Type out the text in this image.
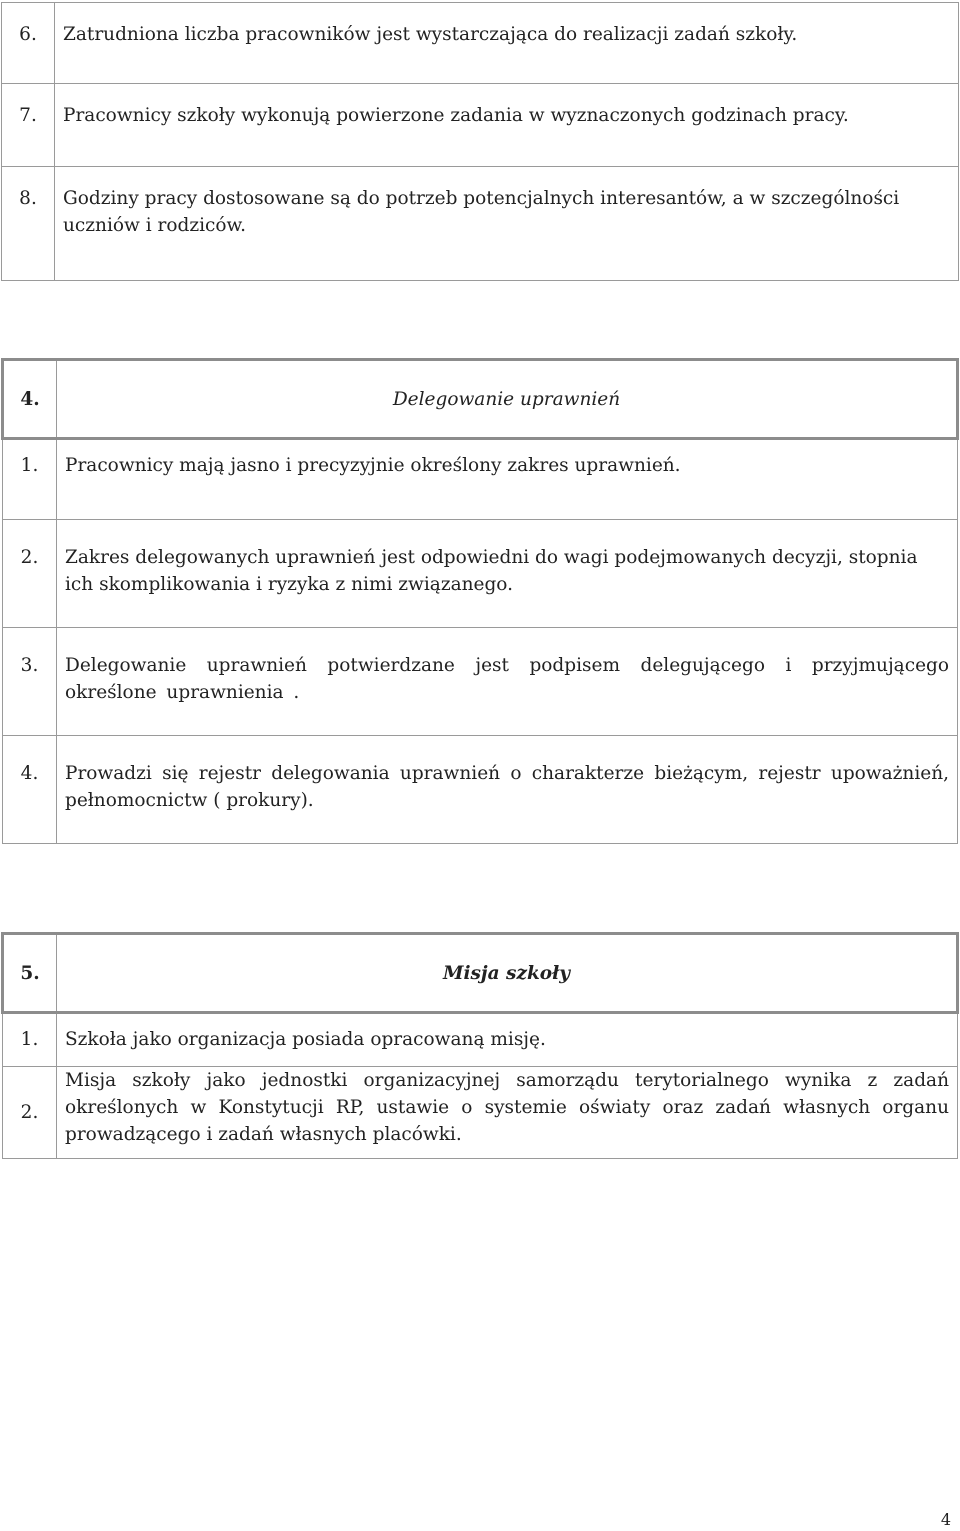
6.	Zatrudniona liczba pracowników jest wystarczająca do realizacji zadań szkoły.

7.	Pracownicy szkoły wykonują powierzone zadania w wyznaczonych godzinach pracy.

8.	Godziny pracy dostosowane są do potrzeb potencjalnych interesantów, a w szczególności uczniów i rodziców.
4.	Delegowanie uprawnień

1.	Pracownicy mają jasno i precyzyjnie określony zakres uprawnień.

2.	Zakres delegowanych uprawnień jest odpowiedni do wagi podejmowanych decyzji, stopnia ich skomplikowania i ryzyka z nimi związanego.

3.	Delegowanie uprawnień potwierdzane jest podpisem delegującego i przyjmującego określone uprawnienia .

4.	Prowadzi się rejestr delegowania uprawnień o charakterze bieżącym, rejestr upoważnień, pełnomocnictw ( prokury).
5.	Misja szkoły

1.	Szkoła jako organizacja posiada opracowaną misję.

2.	Misja szkoły jako jednostki organizacyjnej samorządu terytorialnego wynika z zadań określonych w Konstytucji RP, ustawie o systemie oświaty oraz zadań własnych organu prowadzącego i zadań własnych placówki.
4
